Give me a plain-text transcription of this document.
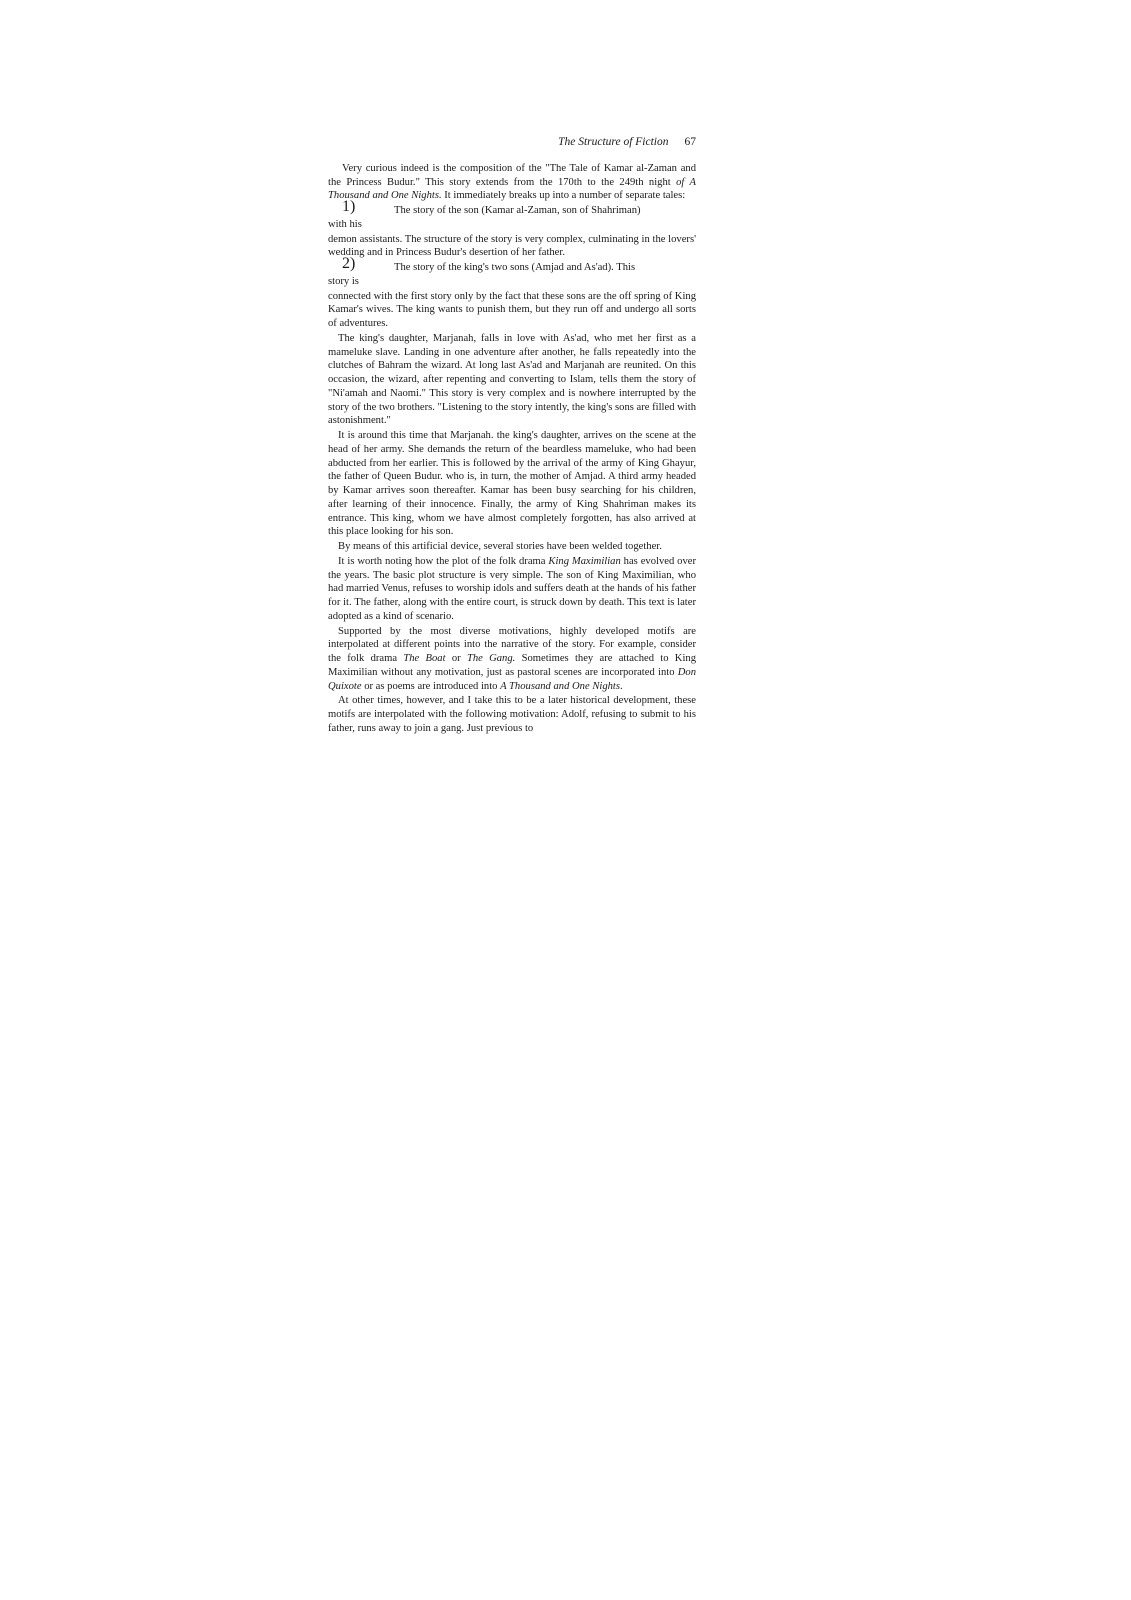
The Structure of Fiction 67

Very curious indeed is the composition of the "The Tale of Kamar al-Zaman and the Princess Budur." This story extends from the 170th to the 249th night of A Thousand and One Nights. It immediately breaks up into a number of separate tales:

1)	The story of the son (Kamar al-Zaman, son of Shahriman)

with his

demon assistants. The structure of the story is very complex, culminating in the lovers' wedding and in Princess Budur's desertion of her father.

2)	The story of the king's two sons (Amjad and As'ad). This

story is

connected with the first story only by the fact that these sons are the off spring of King Kamar's wives. The king wants to punish them, but they run off and undergo all sorts of adventures.

The king's daughter, Marjanah, falls in love with As'ad, who met her first as a mameluke slave. Landing in one adventure after another, he falls repeatedly into the clutches of Bahram the wizard. At long last As'ad and Marjanah are reunited. On this occasion, the wizard, after repenting and converting to Islam, tells them the story of "Ni'amah and Naomi." This story is very complex and is nowhere interrupted by the story of the two brothers. "Listening to the story intently, the king's sons are filled with astonishment."

It is around this time that Marjanah. the king's daughter, arrives on the scene at the head of her army. She demands the return of the beardless mameluke, who had been abducted from her earlier. This is followed by the arrival of the army of King Ghayur, the father of Queen Budur. who is, in turn, the mother of Amjad. A third army headed by Kamar arrives soon thereafter. Kamar has been busy searching for his children, after learning of their innocence. Finally, the army of King Shahriman makes its entrance. This king, whom we have almost completely forgotten, has also arrived at this place looking for his son.

By means of this artificial device, several stories have been welded together.

It is worth noting how the plot of the folk drama King Maximilian has evolved over the years. The basic plot structure is very simple. The son of King Maximilian, who had married Venus, refuses to worship idols and suffers death at the hands of his father for it. The father, along with the entire court, is struck down by death. This text is later adopted as a kind of scenario.

Supported by the most diverse motivations, highly developed motifs are interpolated at different points into the narrative of the story. For example, consider the folk drama The Boat or The Gang. Sometimes they are attached to King Maximilian without any motivation, just as pastoral scenes are incorporated into Don Quixote or as poems are introduced into A Thousand and One Nights.

At other times, however, and I take this to be a later historical development, these motifs are interpolated with the following motivation: Adolf, refusing to submit to his father, runs away to join a gang. Just previous to
